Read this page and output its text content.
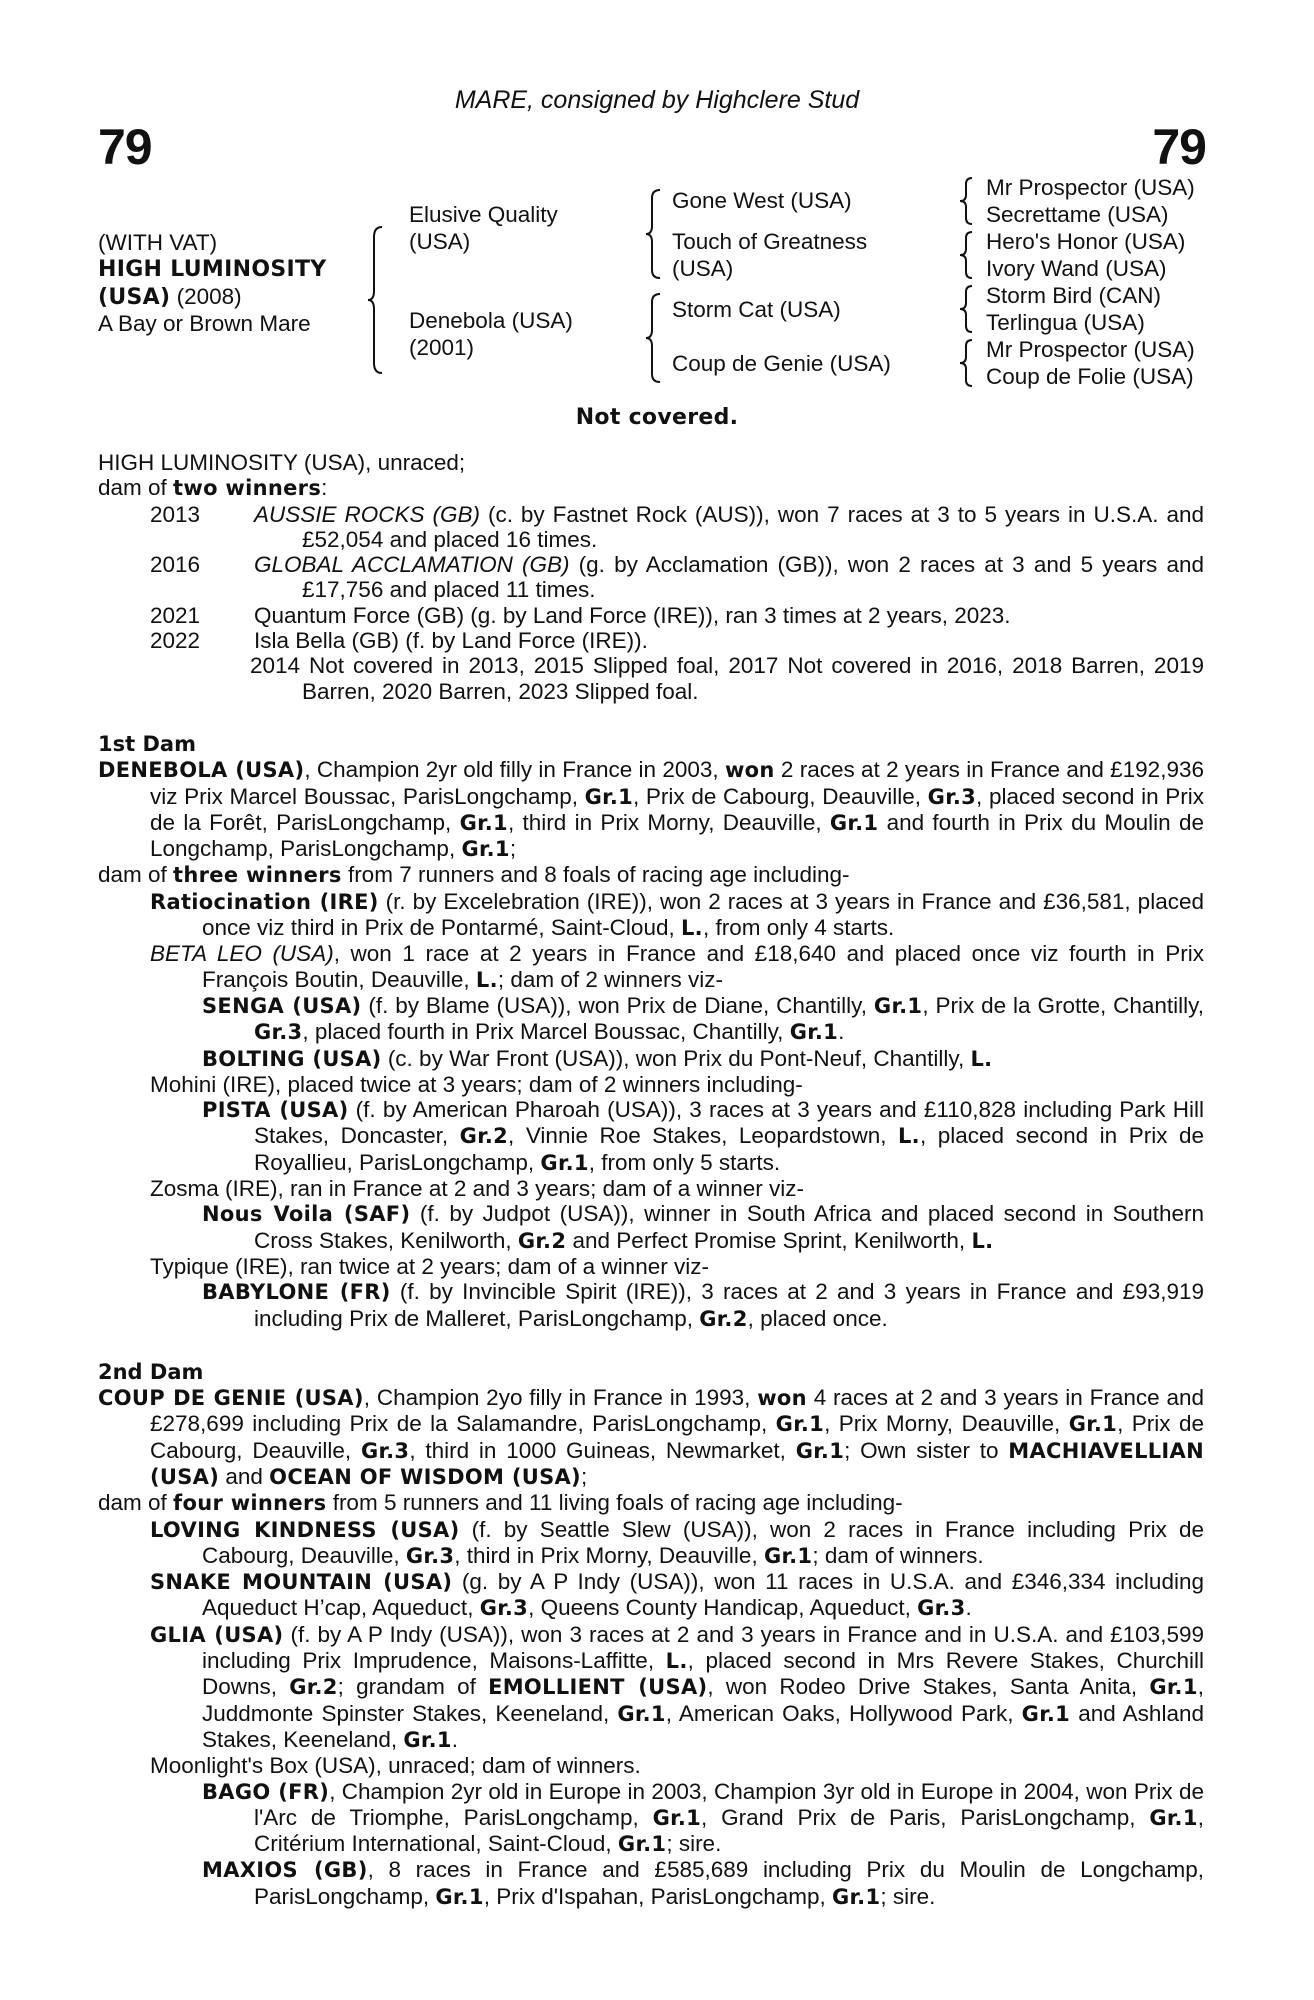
79	79
MARE, consigned by Highclere Stud
(WITH VAT)
HIGH LUMINOSITY
(USA) (2008)
A Bay or Brown Mare
Elusive Quality
(USA)
Denebola (USA)
(2001)
Gone West (USA)
Touch of Greatness
(USA)
Storm Cat (USA)
Coup de Genie (USA)
Mr Prospector (USA)
Secrettame (USA)
Hero's Honor (USA)
Ivory Wand (USA)
Storm Bird (CAN)
Terlingua (USA)
Mr Prospector (USA)
Coup de Folie (USA)
Not covered.

HIGH LUMINOSITY (USA), unraced;

dam of two winners:

2013 AUSSIE ROCKS (GB) (c. by Fastnet Rock (AUS)), won 7 races at 3 to 5 years in U.S.A. and £52,054 and placed 16 times.

2016 GLOBAL ACCLAMATION (GB) (g. by Acclamation (GB)), won 2 races at 3 and 5 years and £17,756 and placed 11 times.

2021 Quantum Force (GB) (g. by Land Force (IRE)), ran 3 times at 2 years, 2023.

2022 Isla Bella (GB) (f. by Land Force (IRE)).

2014 Not covered in 2013, 2015 Slipped foal, 2017 Not covered in 2016, 2018 Barren, 2019 Barren, 2020 Barren, 2023 Slipped foal.

1st Dam

DENEBOLA (USA), Champion 2yr old filly in France in 2003, won 2 races at 2 years in France and £192,936 viz Prix Marcel Boussac, ParisLongchamp, Gr.1, Prix de Cabourg, Deauville, Gr.3, placed second in Prix de la Forêt, ParisLongchamp, Gr.1, third in Prix Morny, Deauville, Gr.1 and fourth in Prix du Moulin de Longchamp, ParisLongchamp, Gr.1;

dam of three winners from 7 runners and 8 foals of racing age including-

Ratiocination (IRE) (r. by Excelebration (IRE)), won 2 races at 3 years in France and £36,581, placed once viz third in Prix de Pontarmé, Saint-Cloud, L., from only 4 starts.

BETA LEO (USA), won 1 race at 2 years in France and £18,640 and placed once viz fourth in Prix François Boutin, Deauville, L.; dam of 2 winners viz-

SENGA (USA) (f. by Blame (USA)), won Prix de Diane, Chantilly, Gr.1, Prix de la Grotte, Chantilly, Gr.3, placed fourth in Prix Marcel Boussac, Chantilly, Gr.1.

BOLTING (USA) (c. by War Front (USA)), won Prix du Pont-Neuf, Chantilly, L.

Mohini (IRE), placed twice at 3 years; dam of 2 winners including-

PISTA (USA) (f. by American Pharoah (USA)), 3 races at 3 years and £110,828 including Park Hill Stakes, Doncaster, Gr.2, Vinnie Roe Stakes, Leopardstown, L., placed second in Prix de Royallieu, ParisLongchamp, Gr.1, from only 5 starts.

Zosma (IRE), ran in France at 2 and 3 years; dam of a winner viz-

Nous Voila (SAF) (f. by Judpot (USA)), winner in South Africa and placed second in Southern Cross Stakes, Kenilworth, Gr.2 and Perfect Promise Sprint, Kenilworth, L.

Typique (IRE), ran twice at 2 years; dam of a winner viz-

BABYLONE (FR) (f. by Invincible Spirit (IRE)), 3 races at 2 and 3 years in France and £93,919 including Prix de Malleret, ParisLongchamp, Gr.2, placed once.

2nd Dam

COUP DE GENIE (USA), Champion 2yo filly in France in 1993, won 4 races at 2 and 3 years in France and £278,699 including Prix de la Salamandre, ParisLongchamp, Gr.1, Prix Morny, Deauville, Gr.1, Prix de Cabourg, Deauville, Gr.3, third in 1000 Guineas, Newmarket, Gr.1; Own sister to MACHIAVELLIAN (USA) and OCEAN OF WISDOM (USA);

dam of four winners from 5 runners and 11 living foals of racing age including-

LOVING KINDNESS (USA) (f. by Seattle Slew (USA)), won 2 races in France including Prix de Cabourg, Deauville, Gr.3, third in Prix Morny, Deauville, Gr.1; dam of winners.

SNAKE MOUNTAIN (USA) (g. by A P Indy (USA)), won 11 races in U.S.A. and £346,334 including Aqueduct H’cap, Aqueduct, Gr.3, Queens County Handicap, Aqueduct, Gr.3.

GLIA (USA) (f. by A P Indy (USA)), won 3 races at 2 and 3 years in France and in U.S.A. and £103,599 including Prix Imprudence, Maisons-Laffitte, L., placed second in Mrs Revere Stakes, Churchill Downs, Gr.2; grandam of EMOLLIENT (USA), won Rodeo Drive Stakes, Santa Anita, Gr.1, Juddmonte Spinster Stakes, Keeneland, Gr.1, American Oaks, Hollywood Park, Gr.1 and Ashland Stakes, Keeneland, Gr.1.

Moonlight's Box (USA), unraced; dam of winners.

BAGO (FR), Champion 2yr old in Europe in 2003, Champion 3yr old in Europe in 2004, won Prix de l'Arc de Triomphe, ParisLongchamp, Gr.1, Grand Prix de Paris, ParisLongchamp, Gr.1, Critérium International, Saint-Cloud, Gr.1; sire.

MAXIOS (GB), 8 races in France and £585,689 including Prix du Moulin de Longchamp, ParisLongchamp, Gr.1, Prix d'Ispahan, ParisLongchamp, Gr.1; sire.
